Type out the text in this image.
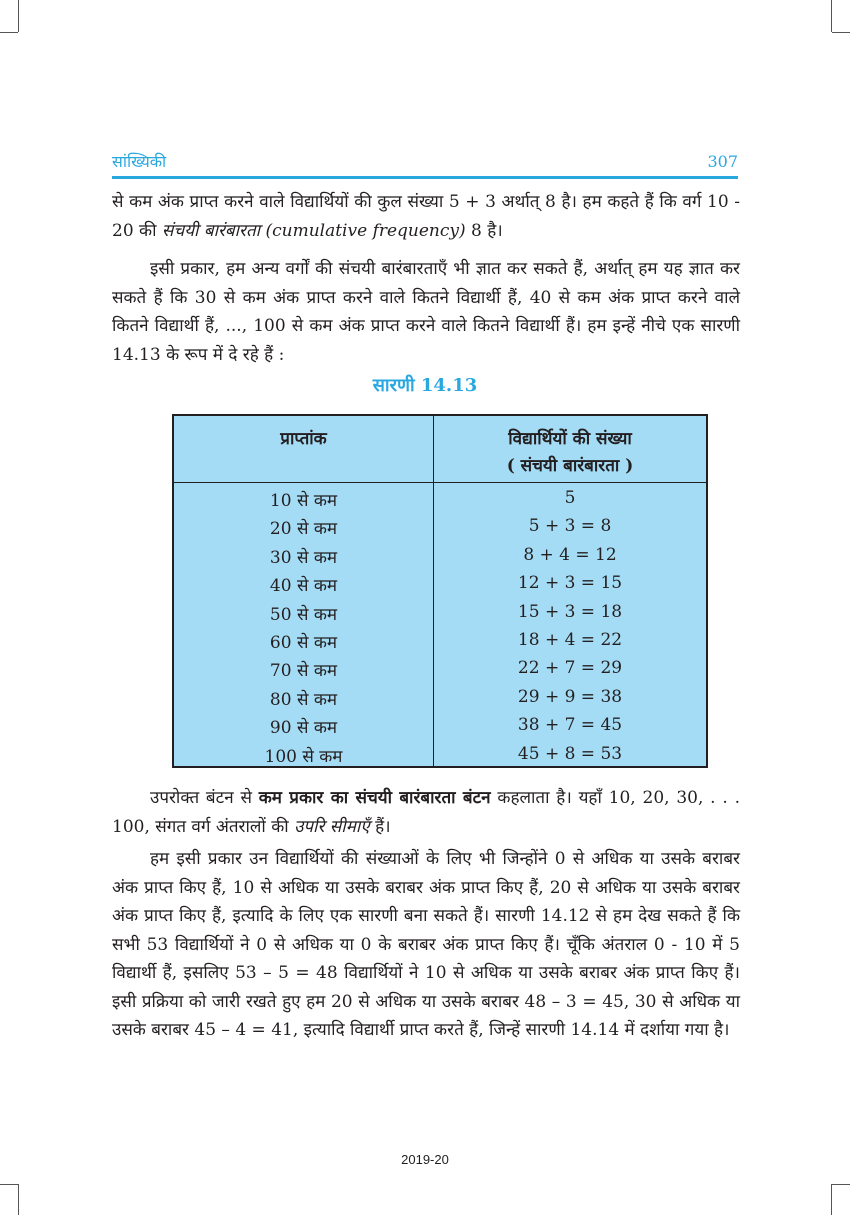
सांख्यिकी	307
से कम अंक प्राप्त करने वाले विद्यार्थियों की कुल संख्या 5 + 3 अर्थात् 8 है। हम कहते हैं कि वर्ग 10 - 20 की संचयी बारंबारता (cumulative frequency) 8 है।
इसी प्रकार, हम अन्य वर्गों की संचयी बारंबारताएँ भी ज्ञात कर सकते हैं, अर्थात् हम यह ज्ञात कर सकते हैं कि 30 से कम अंक प्राप्त करने वाले कितने विद्यार्थी हैं, 40 से कम अंक प्राप्त करने वाले कितने विद्यार्थी हैं, ..., 100 से कम अंक प्राप्त करने वाले कितने विद्यार्थी हैं। हम इन्हें नीचे एक सारणी 14.13 के रूप में दे रहे हैं :
सारणी 14.13
प्राप्तांक	विद्यार्थियों की संख्या
( संचयी बारंबारता )
10 से कम	5
20 से कम	5 + 3 = 8
30 से कम	8 + 4 = 12
40 से कम	12 + 3 = 15
50 से कम	15 + 3 = 18
60 से कम	18 + 4 = 22
70 से कम	22 + 7 = 29
80 से कम	29 + 9 = 38
90 से कम	38 + 7 = 45
100 से कम	45 + 8 = 53
उपरोक्त बंटन से कम प्रकार का संचयी बारंबारता बंटन कहलाता है। यहाँ 10, 20, 30, . . . 100, संगत वर्ग अंतरालों की उपरि सीमाएँ हैं।
हम इसी प्रकार उन विद्यार्थियों की संख्याओं के लिए भी जिन्होंने 0 से अधिक या उसके बराबर अंक प्राप्त किए हैं, 10 से अधिक या उसके बराबर अंक प्राप्त किए हैं, 20 से अधिक या उसके बराबर अंक प्राप्त किए हैं, इत्यादि के लिए एक सारणी बना सकते हैं। सारणी 14.12 से हम देख सकते हैं कि सभी 53 विद्यार्थियों ने 0 से अधिक या 0 के बराबर अंक प्राप्त किए हैं। चूँकि अंतराल 0 - 10 में 5 विद्यार्थी हैं, इसलिए 53 – 5 = 48 विद्यार्थियों ने 10 से अधिक या उसके बराबर अंक प्राप्त किए हैं। इसी प्रक्रिया को जारी रखते हुए हम 20 से अधिक या उसके बराबर 48 – 3 = 45, 30 से अधिक या उसके बराबर 45 – 4 = 41, इत्यादि विद्यार्थी प्राप्त करते हैं, जिन्हें सारणी 14.14 में दर्शाया गया है।
2019-20
